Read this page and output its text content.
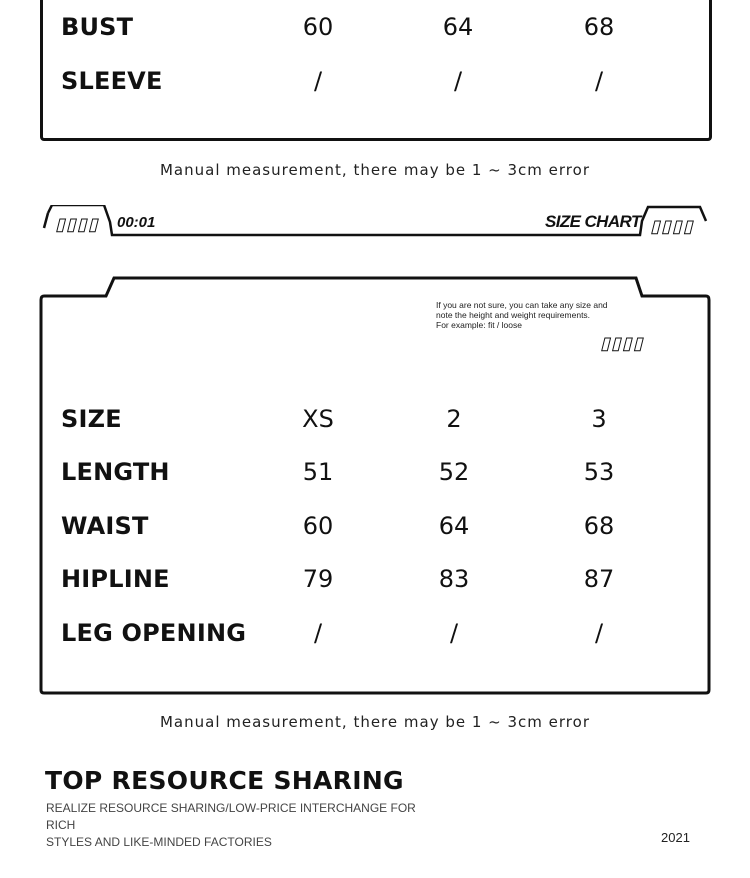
BUST	60	64	68
SLEEVE	/	/	/
Manual measurement, there may be 1 ~ 3cm error
▯▯▯▯ 00:01	SIZE CHART ▯▯▯▯
If you are not sure, you can take any size and
note the height and weight requirements.
For example: fit / loose
▯▯▯▯
SIZE	XS	2	3
LENGTH	51	52	53
WAIST	60	64	68
HIPLINE	79	83	87
LEG OPENING	/	/	/
Manual measurement, there may be 1 ~ 3cm error
TOP RESOURCE SHARING
REALIZE RESOURCE SHARING/LOW-PRICE INTERCHANGE FOR RICH
STYLES AND LIKE-MINDED FACTORIES	2021
